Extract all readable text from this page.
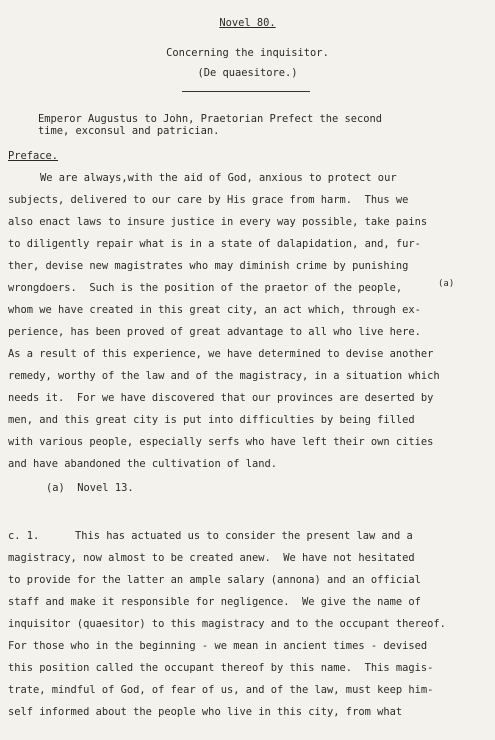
Novel 80.
Concerning the inquisitor.
(De quaesitore.)
Emperor Augustus to John, Praetorian Prefect the second
time, exconsul and patrician.
Preface.
We are always,with the aid of God, anxious to protect our
subjects, delivered to our care by His grace from harm.  Thus we
also enact laws to insure justice in every way possible, take pains
to diligently repair what is in a state of dalapidation, and, fur-
ther, devise new magistrates who may diminish crime by punishing
wrongdoers.  Such is the position of the praetor of the people,	(a)
whom we have created in this great city, an act which, through ex-
perience, has been proved of great advantage to all who live here.
As a result of this experience, we have determined to devise another
remedy, worthy of the law and of the magistracy, in a situation which
needs it.  For we have discovered that our provinces are deserted by
men, and this great city is put into difficulties by being filled
with various people, especially serfs who have left their own cities
and have abandoned the cultivation of land.
(a)  Novel 13.
c. 1.	This has actuated us to consider the present law and a
magistracy, now almost to be created anew.  We have not hesitated
to provide for the latter an ample salary (annona) and an official
staff and make it responsible for negligence.  We give the name of
inquisitor (quaesitor) to this magistracy and to the occupant thereof.
For those who in the beginning - we mean in ancient times - devised
this position called the occupant thereof by this name.  This magis-
trate, mindful of God, of fear of us, and of the law, must keep him-
self informed about the people who live in this city, from what
